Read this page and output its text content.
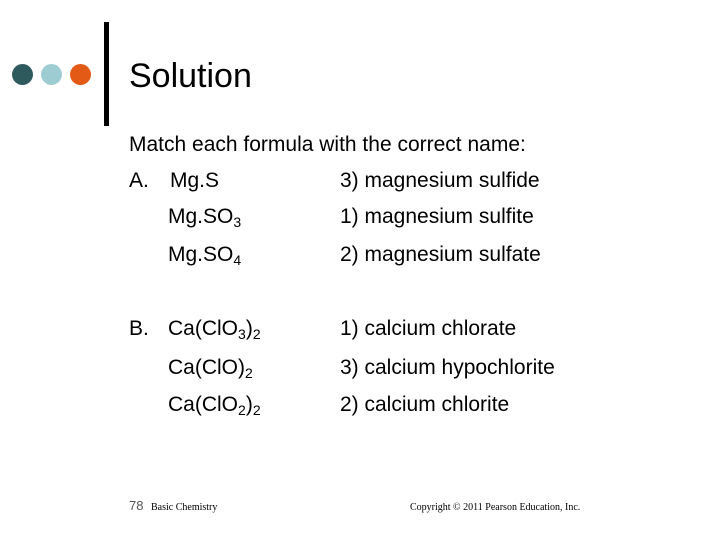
Solution
Match each formula with the correct name:
A. Mg.S	3) magnesium sulfide
$Mg.SO_3$	1) magnesium sulfite
$Mg.SO_4$	2) magnesium sulfate
B. $Ca(ClO_3)_2$	1) calcium chlorate
$Ca(ClO)_2$	3) calcium hypochlorite
$Ca(ClO_2)_2$	2) calcium chlorite
78 Basic Chemistry	Copyright © 2011 Pearson Education, Inc.
